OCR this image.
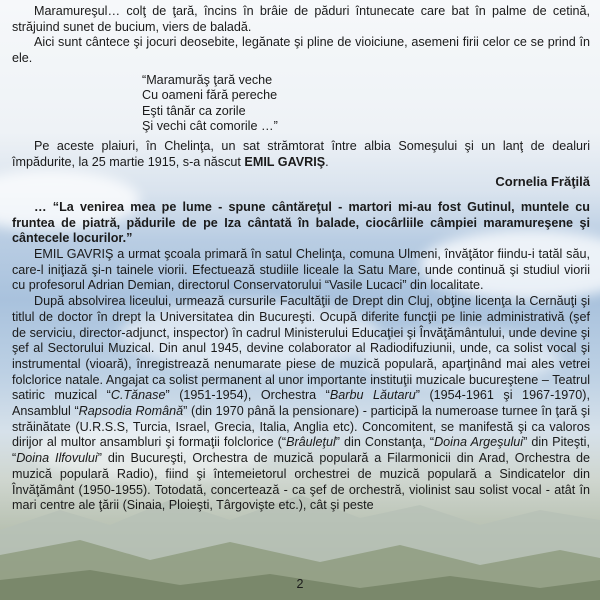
Maramureşul… colţ de ţară, încins în brâie de păduri întunecate care bat în palme de cetină, străjuind sunet de bucium, viers de baladă.

Aici sunt cântece şi jocuri deosebite, legănate şi pline de vioiciune, asemeni firii celor ce se prind în ele.

“Maramurăş ţară veche
Cu oameni fără pereche
Eşti tânăr ca zorile
Şi vechi cât comorile …”

Pe aceste plaiuri, în Chelinţa, un sat strămtorat între albia Someşului şi un lanţ de dealuri împădurite, la 25 martie 1915, s-a născut EMIL GAVRIŞ.

Cornelia Frăţilă

… “La venirea mea pe lume - spune cântăreţul - martori mi-au fost Gutinul, muntele cu fruntea de piatră, pădurile de pe Iza cântată în balade, ciocârliile câmpiei maramureşene şi cântecele locurilor.”

EMIL GAVRIŞ a urmat şcoala primară în satul Chelinţa, comuna Ulmeni, învăţător fiindu-i tatăl său, care-l iniţiază şi-n tainele viorii. Efectuează studiile liceale la Satu Mare, unde continuă şi studiul viorii cu profesorul Adrian Demian, directorul Conservatorului “Vasile Lucaci” din localitate.

După absolvirea liceului, urmează cursurile Facultăţii de Drept din Cluj, obţine licenţa la Cernăuţi şi titlul de doctor în drept la Universitatea din Bucureşti. Ocupă diferite funcţii pe linie administrativă (şef de serviciu, director-adjunct, inspector) în cadrul Ministerului Educaţiei şi Învăţământului, unde devine şi şef al Sectorului Muzical. Din anul 1945, devine colaborator al Radiodifuziunii, unde, ca solist vocal şi instrumental (vioară), înregistrează nenumarate piese de muzică populară, aparţinând mai ales vetrei folclorice natale. Angajat ca solist permanent al unor importante instituţii muzicale bucureştene – Teatrul satiric muzical “C.Tănase” (1951-1954), Orchestra “Barbu Lăutaru” (1954-1961 şi 1967-1970), Ansamblul “Rapsodia Română” (din 1970 până la pensionare) - participă la numeroase turnee în ţară şi străinătate (U.R.S.S, Turcia, Israel, Grecia, Italia, Anglia etc). Concomitent, se manifestă şi ca valoros dirijor al multor ansambluri şi formaţii folclorice (“Brâuleţul” din Constanţa, “Doina Argeşului” din Piteşti, “Doina Ilfovului” din Bucureşti, Orchestra de muzică populară a Filarmonicii din Arad, Orchestra de muzică populară Radio), fiind şi întemeietorul orchestrei de muzică populară a Sindicatelor din Învăţământ (1950-1955). Totodată, concertează - ca şef de orchestră, violinist sau solist vocal - atât în mari centre ale ţării (Sinaia, Ploieşti, Târgovişte etc.), cât şi peste

2
